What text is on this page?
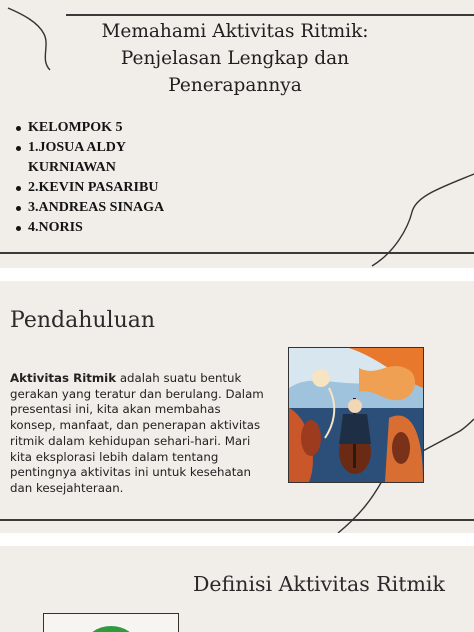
Memahami Aktivitas Ritmik:
Penjelasan Lengkap dan
Penerapannya
KELOMPOK 5
1.JOSUA ALDY
KURNIAWAN
2.KEVIN PASARIBU
3.ANDREAS SINAGA
4.NORIS
Pendahuluan
Aktivitas Ritmik adalah suatu bentuk gerakan yang teratur dan berulang. Dalam presentasi ini, kita akan membahas konsep, manfaat, dan penerapan aktivitas ritmik dalam kehidupan sehari-hari. Mari kita eksplorasi lebih dalam tentang pentingnya aktivitas ini untuk kesehatan dan kesejahteraan.
Definisi Aktivitas Ritmik
